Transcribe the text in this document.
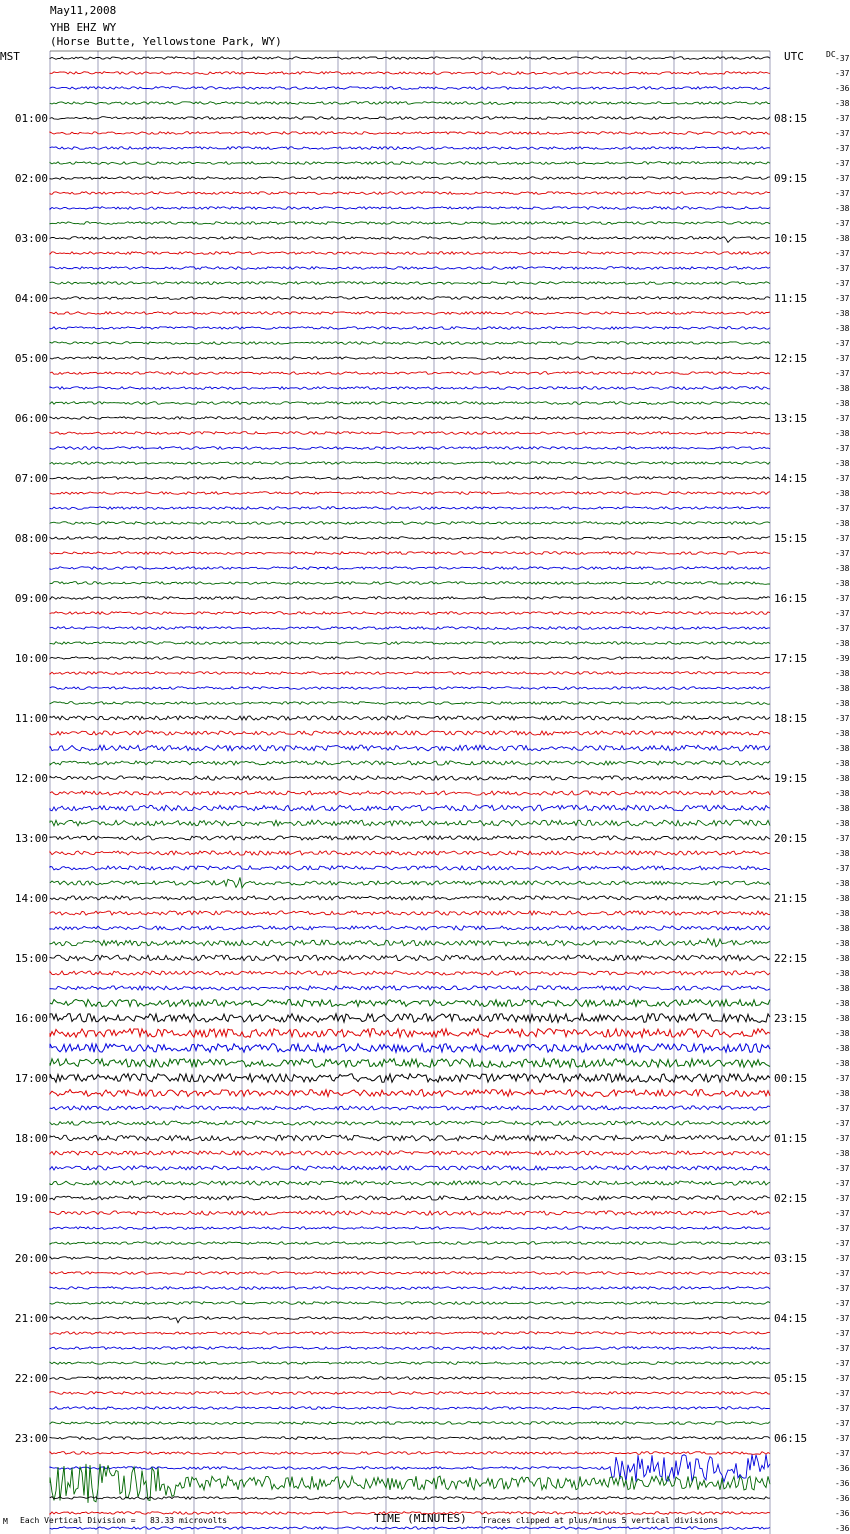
May11,2008
YHB EHZ WY
(Horse Butte, Yellowstone Park, WY)
MST	UTC	DC -37
-37
-36
-38
-37
-37
-37
-37
-37
-37
-38
-37
-38
-37
-37
-37
-37
-38
-38
-37
-37
-37
-38
-38
-37
-38
-37
-38
-37
-38
-37
-38
-37
-37
-38
-38
-37
-37
-37
-38
-39
-38
-38
-38
-37
-38
-38
-38
-38
-38
-38
-38
-37
-38
-37
-38
-38
-38
-38
-38
-38
-38
-38
-38
-38
-38
-38
-38
-37
-38
-37
-37
-37
-38
-37
-37
-37
-37
-37
-37
-37
-37
-37
-37
-37
-37
-37
-37
-37
-37
-37
-37
-37
-37
-36
-36
-36
-36
-36
01:00
02:00
03:00
04:00
05:00
06:00
07:00
08:00
09:00
10:00
11:00
12:00
13:00
14:00
15:00
16:00
17:00
18:00
19:00
20:00
21:00
22:00
23:00
08:15
09:15
10:15
11:15
12:15
13:15
14:15
15:15
16:15
17:15
18:15
19:15
20:15
21:15
22:15
23:15
00:15
01:15
02:15
03:15
04:15
05:15
06:15
M Each Vertical Division =   83.33 microvolts	TIME (MINUTES) Traces clipped at plus/minus 5 vertical divisions
